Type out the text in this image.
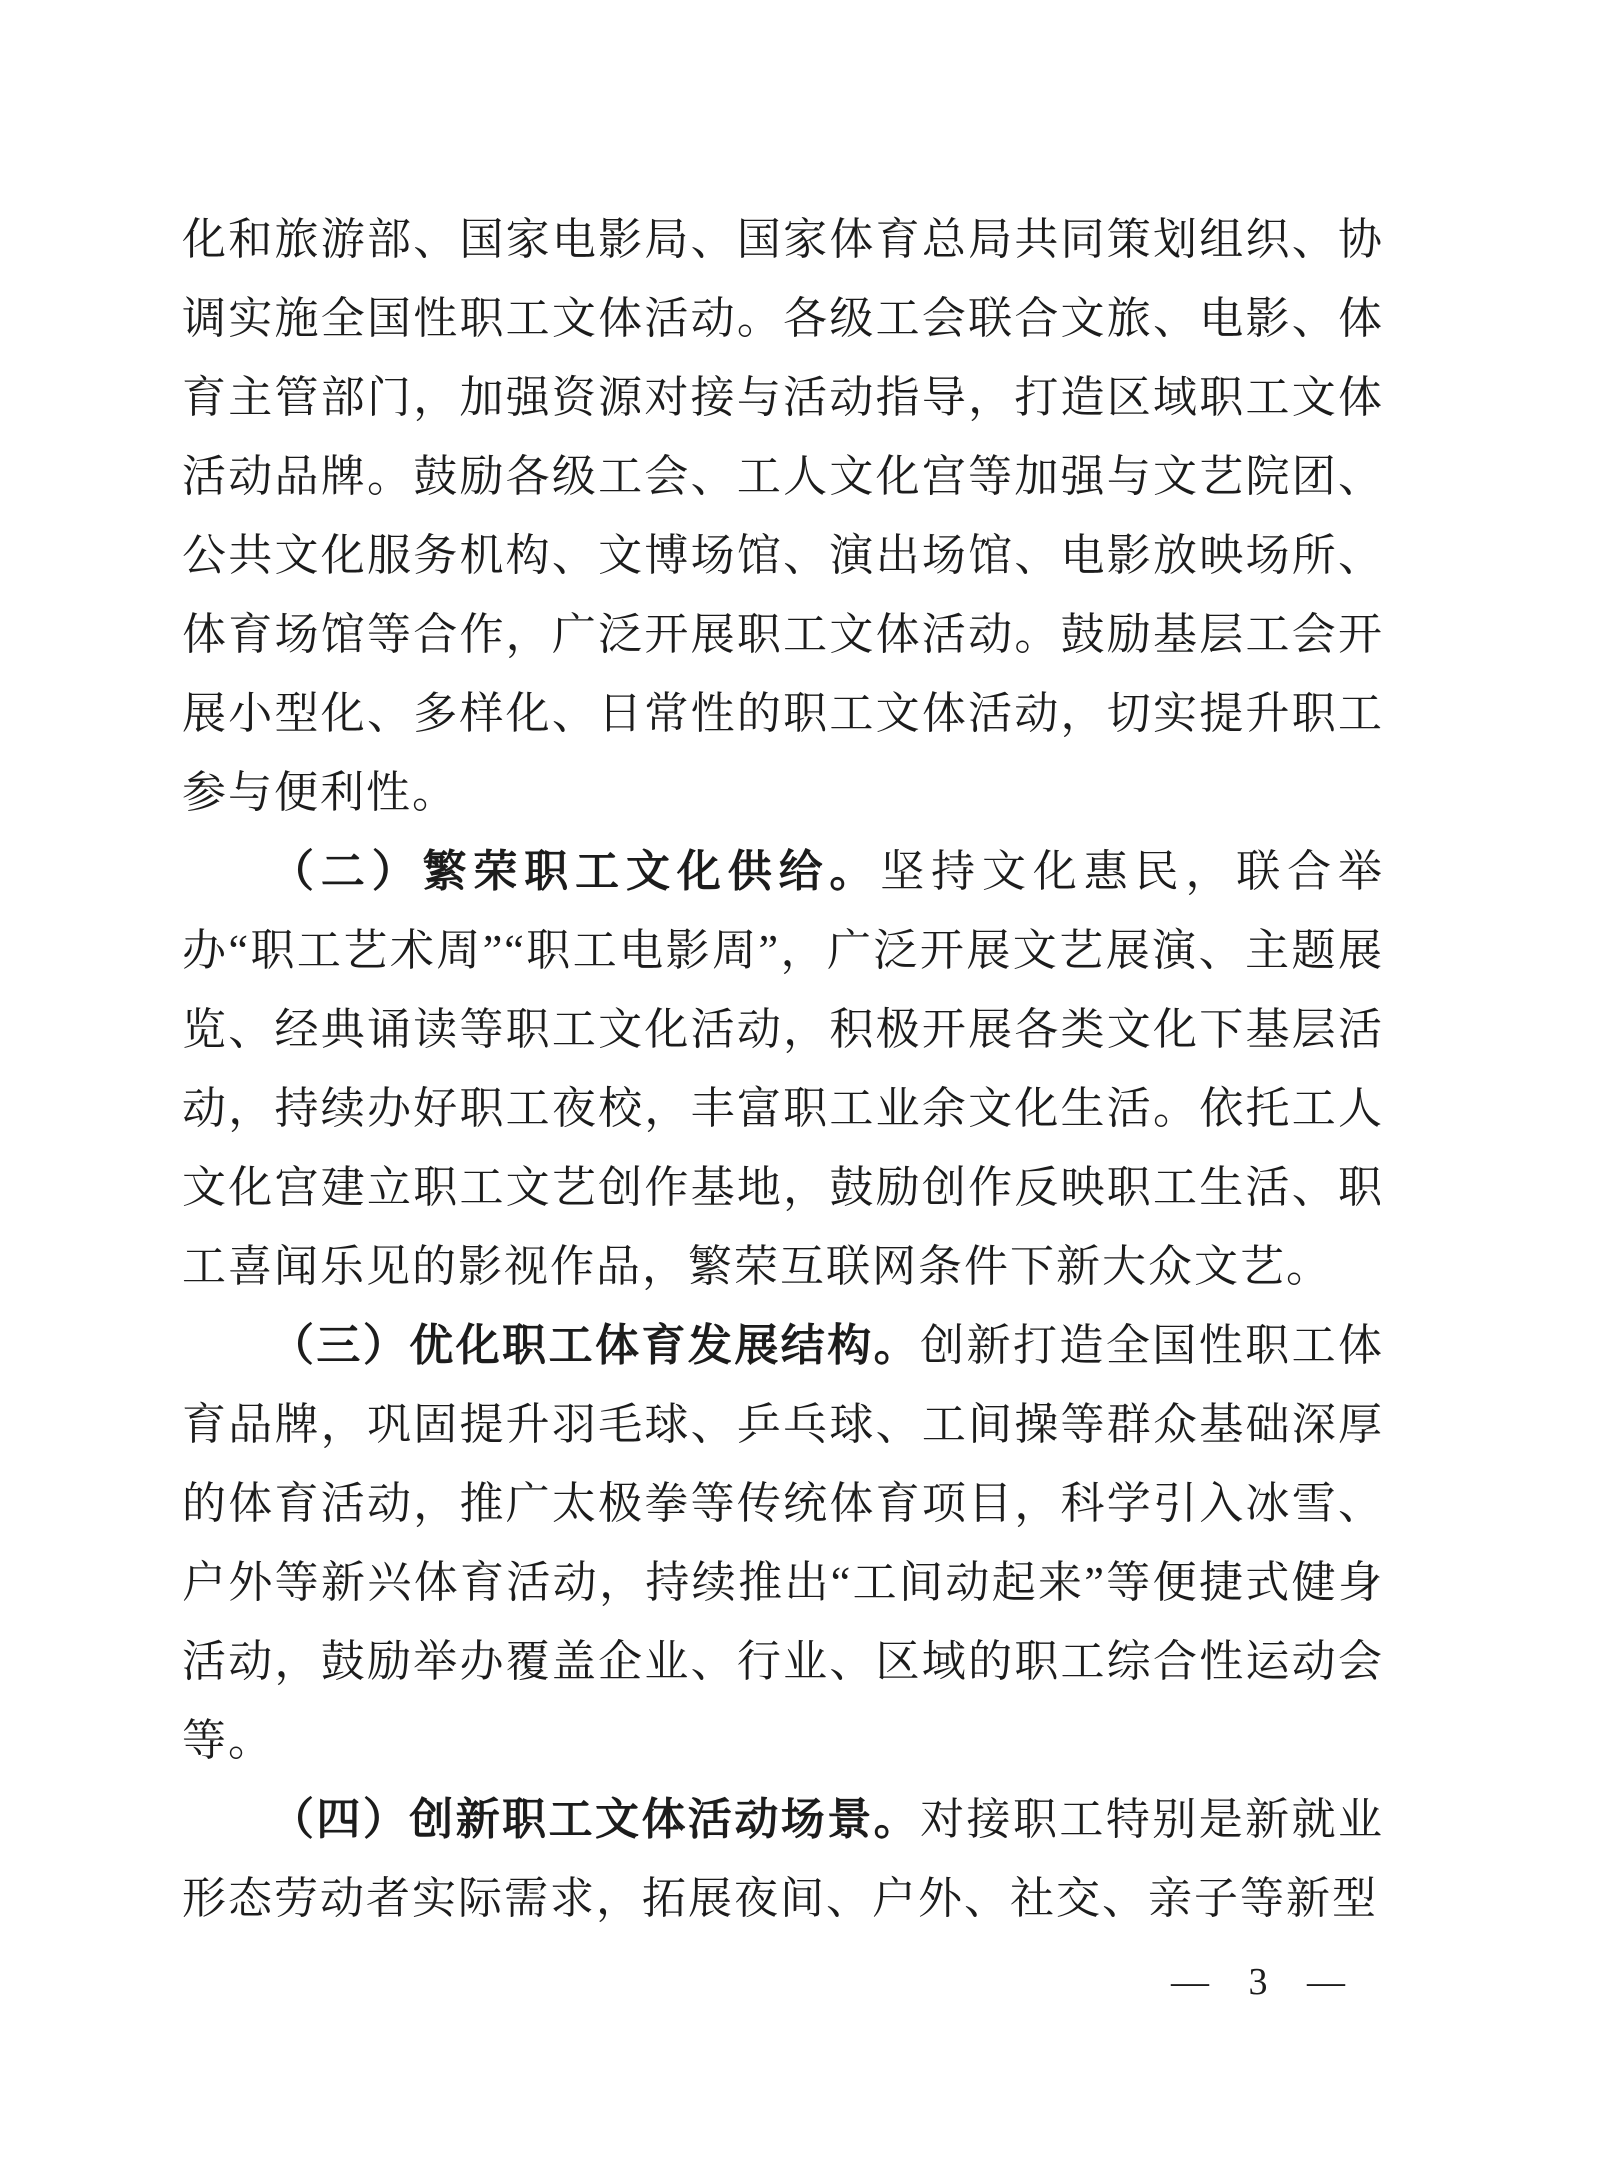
化和旅游部、国家电影局、国家体育总局共同策划组织、协调实施全国性职工文体活动。各级工会联合文旅、电影、体育主管部门，加强资源对接与活动指导，打造区域职工文体活动品牌。鼓励各级工会、工人文化宫等加强与文艺院团、公共文化服务机构、文博场馆、演出场馆、电影放映场所、体育场馆等合作，广泛开展职工文体活动。鼓励基层工会开展小型化、多样化、日常性的职工文体活动，切实提升职工参与便利性。

（二）繁荣职工文化供给。坚持文化惠民，联合举办“职工艺术周”“职工电影周”，广泛开展文艺展演、主题展览、经典诵读等职工文化活动，积极开展各类文化下基层活动，持续办好职工夜校，丰富职工业余文化生活。依托工人文化宫建立职工文艺创作基地，鼓励创作反映职工生活、职工喜闻乐见的影视作品，繁荣互联网条件下新大众文艺。

（三）优化职工体育发展结构。创新打造全国性职工体育品牌，巩固提升羽毛球、乒乓球、工间操等群众基础深厚的体育活动，推广太极拳等传统体育项目，科学引入冰雪、户外等新兴体育活动，持续推出“工间动起来”等便捷式健身活动，鼓励举办覆盖企业、行业、区域的职工综合性运动会等。

（四）创新职工文体活动场景。对接职工特别是新就业形态劳动者实际需求，拓展夜间、户外、社交、亲子等新型

— 3 —
